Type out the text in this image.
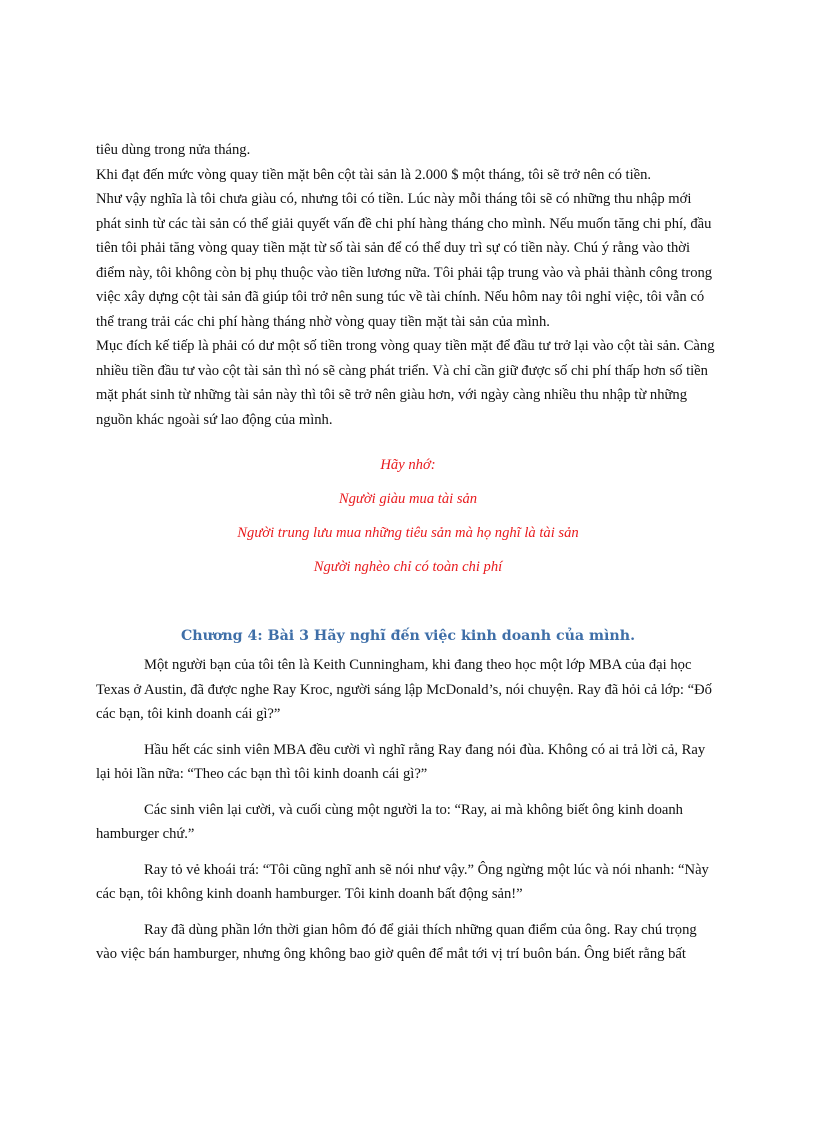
tiêu dùng trong nửa tháng.

Khi đạt đến mức vòng quay tiền mặt bên cột tài sản là 2.000 $ một tháng, tôi sẽ trở nên có tiền.

Như vậy nghĩa là tôi chưa giàu có, nhưng tôi có tiền. Lúc này mỗi tháng tôi sẽ có những thu nhập mới phát sinh từ các tài sản có thể giải quyết vấn đề chi phí hàng tháng cho mình. Nếu muốn tăng chi phí, đầu tiên tôi phải tăng vòng quay tiền mặt từ số tài sản để có thể duy trì sự có tiền này. Chú ý rằng vào thời điểm này, tôi không còn bị phụ thuộc vào tiền lương nữa. Tôi phải tập trung vào và phải thành công trong việc xây dựng cột tài sản đã giúp tôi trở nên sung túc về tài chính. Nếu hôm nay tôi nghỉ việc, tôi vẫn có thể trang trải các chi phí hàng tháng nhờ vòng quay tiền mặt tài sản của mình.

Mục đích kế tiếp là phải có dư một số tiền trong vòng quay tiền mặt để đầu tư trở lại vào cột tài sản. Càng nhiều tiền đầu tư vào cột tài sản thì nó sẽ càng phát triển. Và chỉ cần giữ được số chi phí thấp hơn số tiền mặt phát sinh từ những tài sản này thì tôi sẽ trở nên giàu hơn, với ngày càng nhiều thu nhập từ những nguồn khác ngoài sứ lao động của mình.

Hãy nhớ:

Người giàu mua tài sản

Người trung lưu mua những tiêu sản mà họ nghĩ là tài sản

Người nghèo chỉ có toàn chi phí

Chương 4: Bài 3 Hãy nghĩ đến việc kinh doanh của mình.

Một người bạn của tôi tên là Keith Cunningham, khi đang theo học một lớp MBA của đại học Texas ở Austin, đã được nghe Ray Kroc, người sáng lập McDonald’s, nói chuyện. Ray đã hỏi cả lớp: “Đố các bạn, tôi kinh doanh cái gì?”

Hầu hết các sinh viên MBA đều cười vì nghĩ rằng Ray đang nói đùa. Không có ai trả lời cả, Ray lại hỏi lần nữa: “Theo các bạn thì tôi kinh doanh cái gì?”

Các sinh viên lại cười, và cuối cùng một người la to: “Ray, ai mà không biết ông kinh doanh hamburger chứ.”

Ray tỏ vẻ khoái trá: “Tôi cũng nghĩ anh sẽ nói như vậy.” Ông ngừng một lúc và nói nhanh: “Này các bạn, tôi không kinh doanh hamburger. Tôi kinh doanh bất động sản!”

Ray đã dùng phần lớn thời gian hôm đó để giải thích những quan điểm của ông. Ray chú trọng vào việc bán hamburger, nhưng ông không bao giờ quên để mắt tới vị trí buôn bán. Ông biết rằng bất
